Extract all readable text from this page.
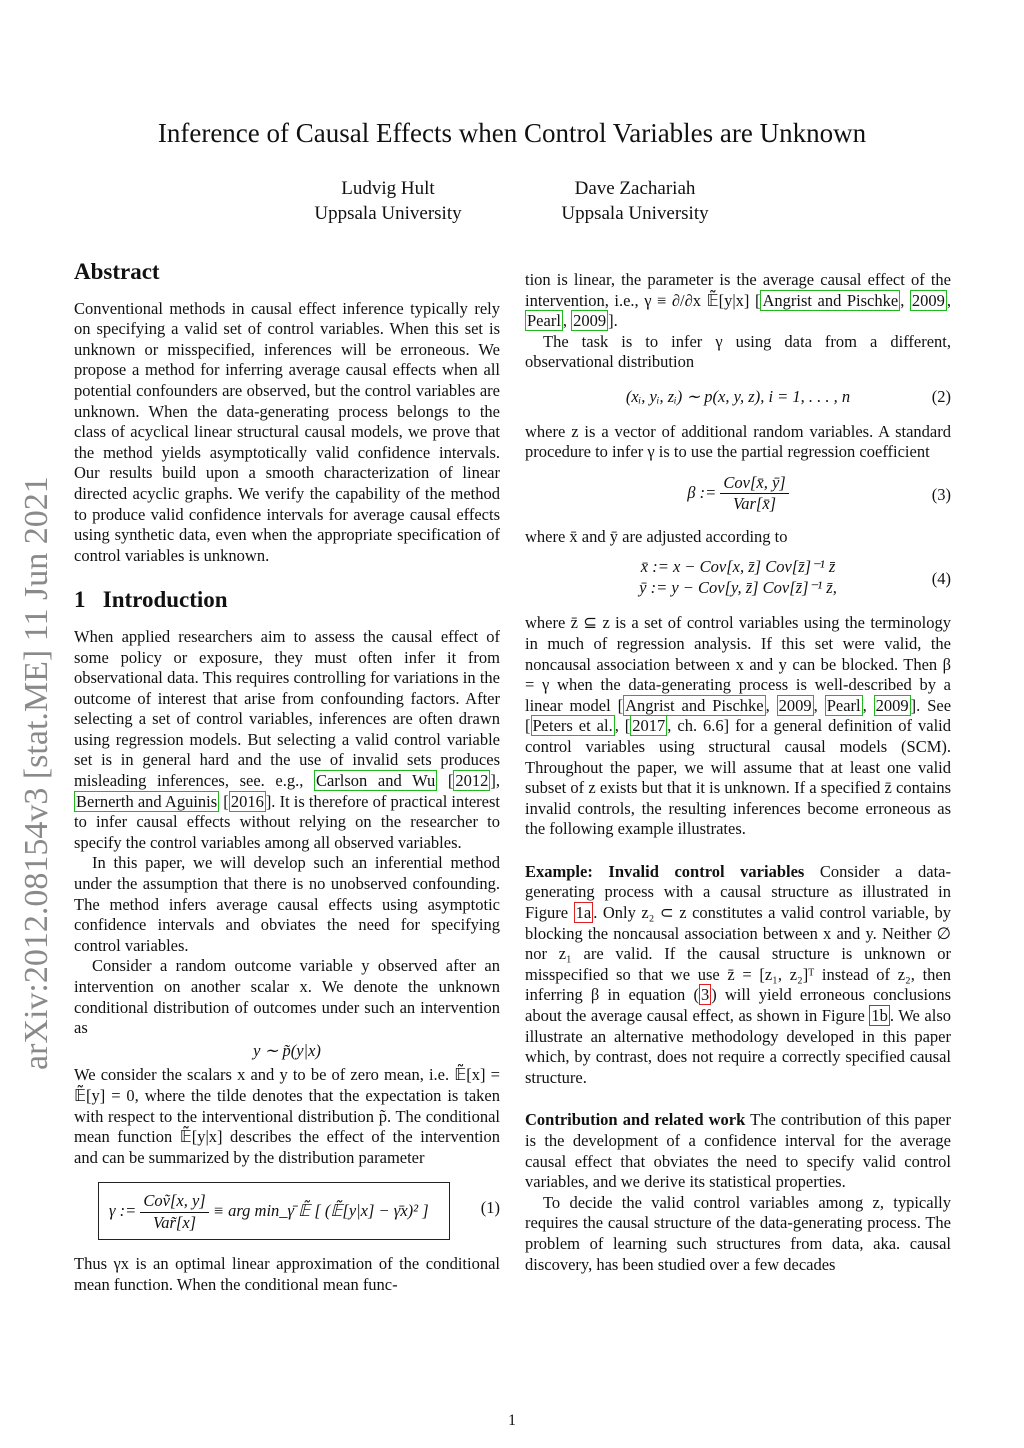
Inference of Causal Effects when Control Variables are Unknown
Ludvig Hult
Uppsala University
Dave Zachariah
Uppsala University
arXiv:2012.08154v3 [stat.ME] 11 Jun 2021
Abstract

Conventional methods in causal effect inference typically rely on specifying a valid set of control variables. When this set is unknown or misspecified, inferences will be erroneous. We propose a method for inferring average causal effects when all potential confounders are observed, but the control variables are unknown. When the data-generating process belongs to the class of acyclical linear structural causal models, we prove that the method yields asymptotically valid confidence intervals. Our results build upon a smooth characterization of linear directed acyclic graphs. We verify the capability of the method to produce valid confidence intervals for average causal effects using synthetic data, even when the appropriate specification of control variables is unknown.

1 Introduction

When applied researchers aim to assess the causal effect of some policy or exposure, they must often infer it from observational data. This requires controlling for variations in the outcome of interest that arise from confounding factors. After selecting a set of control variables, inferences are often drawn using regression models. But selecting a valid control variable set is in general hard and the use of invalid sets produces misleading inferences, see. e.g., Carlson and Wu [ 2012 ], Bernerth and Aguinis [ 2016 ]. It is therefore of practical interest to infer causal effects without relying on the researcher to specify the control variables among all observed variables.

In this paper, we will develop such an inferential method under the assumption that there is no unobserved confounding. The method infers average causal effects using asymptotic confidence intervals and obviates the need for specifying control variables.

Consider a random outcome variable y observed after an intervention on another scalar x. We denote the unknown conditional distribution of outcomes under such an intervention as

y ∼ p̃(y|x)

We consider the scalars x and y to be of zero mean, i.e. 𝔼̃[x] = 𝔼̃[y] = 0, where the tilde denotes that the expectation is taken with respect to the interventional distribution p̃. The conditional mean function 𝔼̃[y|x] describes the effect of the intervention and can be summarized by the distribution parameter

γ := $\frac{\text{Coṽ[x, y]}}{\text{Var̃[x]}}$ ≡ arg min_γ̄ 𝔼̃ [ (𝔼̃[y|x] − γ̄x)² ]	(1)

Thus γx is an optimal linear approximation of the conditional mean function. When the conditional mean func-

tion is linear, the parameter is the average causal effect of the intervention, i.e., γ ≡ ∂/∂x 𝔼̃[y|x] [ Angrist and Pischke , 2009 , Pearl , 2009 ].

The task is to infer γ using data from a different, observational distribution

(xᵢ, yᵢ, zᵢ) ∼ p(x, y, z), i = 1, . . . , n	(2)

where z is a vector of additional random variables. A standard procedure to infer γ is to use the partial regression coefficient

β := $\frac{\text{Cov[x̄, ȳ]}}{\text{Var[x̄]}}$	(3)

where x̄ and ȳ are adjusted according to

x̄ := x − Cov[x, z̄] Cov[z̄]⁻¹ z̄
ȳ := y − Cov[y, z̄] Cov[z̄]⁻¹ z̄,	(4)

where z̄ ⊆ z is a set of control variables using the terminology in much of regression analysis. If this set were valid, the noncausal association between x and y can be blocked. Then β = γ when the data-generating process is well-described by a linear model [ Angrist and Pischke , 2009 , Pearl , 2009 ]. See [ Peters et al. , [ 2017 , ch. 6.6] for a general definition of valid control variables using structural causal models (SCM). Throughout the paper, we will assume that at least one valid subset of z exists but that it is unknown. If a specified z̄ contains invalid controls, the resulting inferences become erroneous as the following example illustrates.

Example: Invalid control variables Consider a data-generating process with a causal structure as illustrated in Figure 1a . Only z₂ ⊂ z constitutes a valid control variable, by blocking the noncausal association between x and y. Neither ∅ nor z₁ are valid. If the causal structure is unknown or misspecified so that we use z̄ = [z₁, z₂]ᵀ instead of z₂, then inferring β in equation ( 3 ) will yield erroneous conclusions about the average causal effect, as shown in Figure 1b . We also illustrate an alternative methodology developed in this paper which, by contrast, does not require a correctly specified causal structure.

Contribution and related work The contribution of this paper is the development of a confidence interval for the average causal effect that obviates the need to specify valid control variables, and we derive its statistical properties.

To decide the valid control variables among z, typically requires the causal structure of the data-generating process. The problem of learning such structures from data, aka. causal discovery, has been studied over a few decades

1
